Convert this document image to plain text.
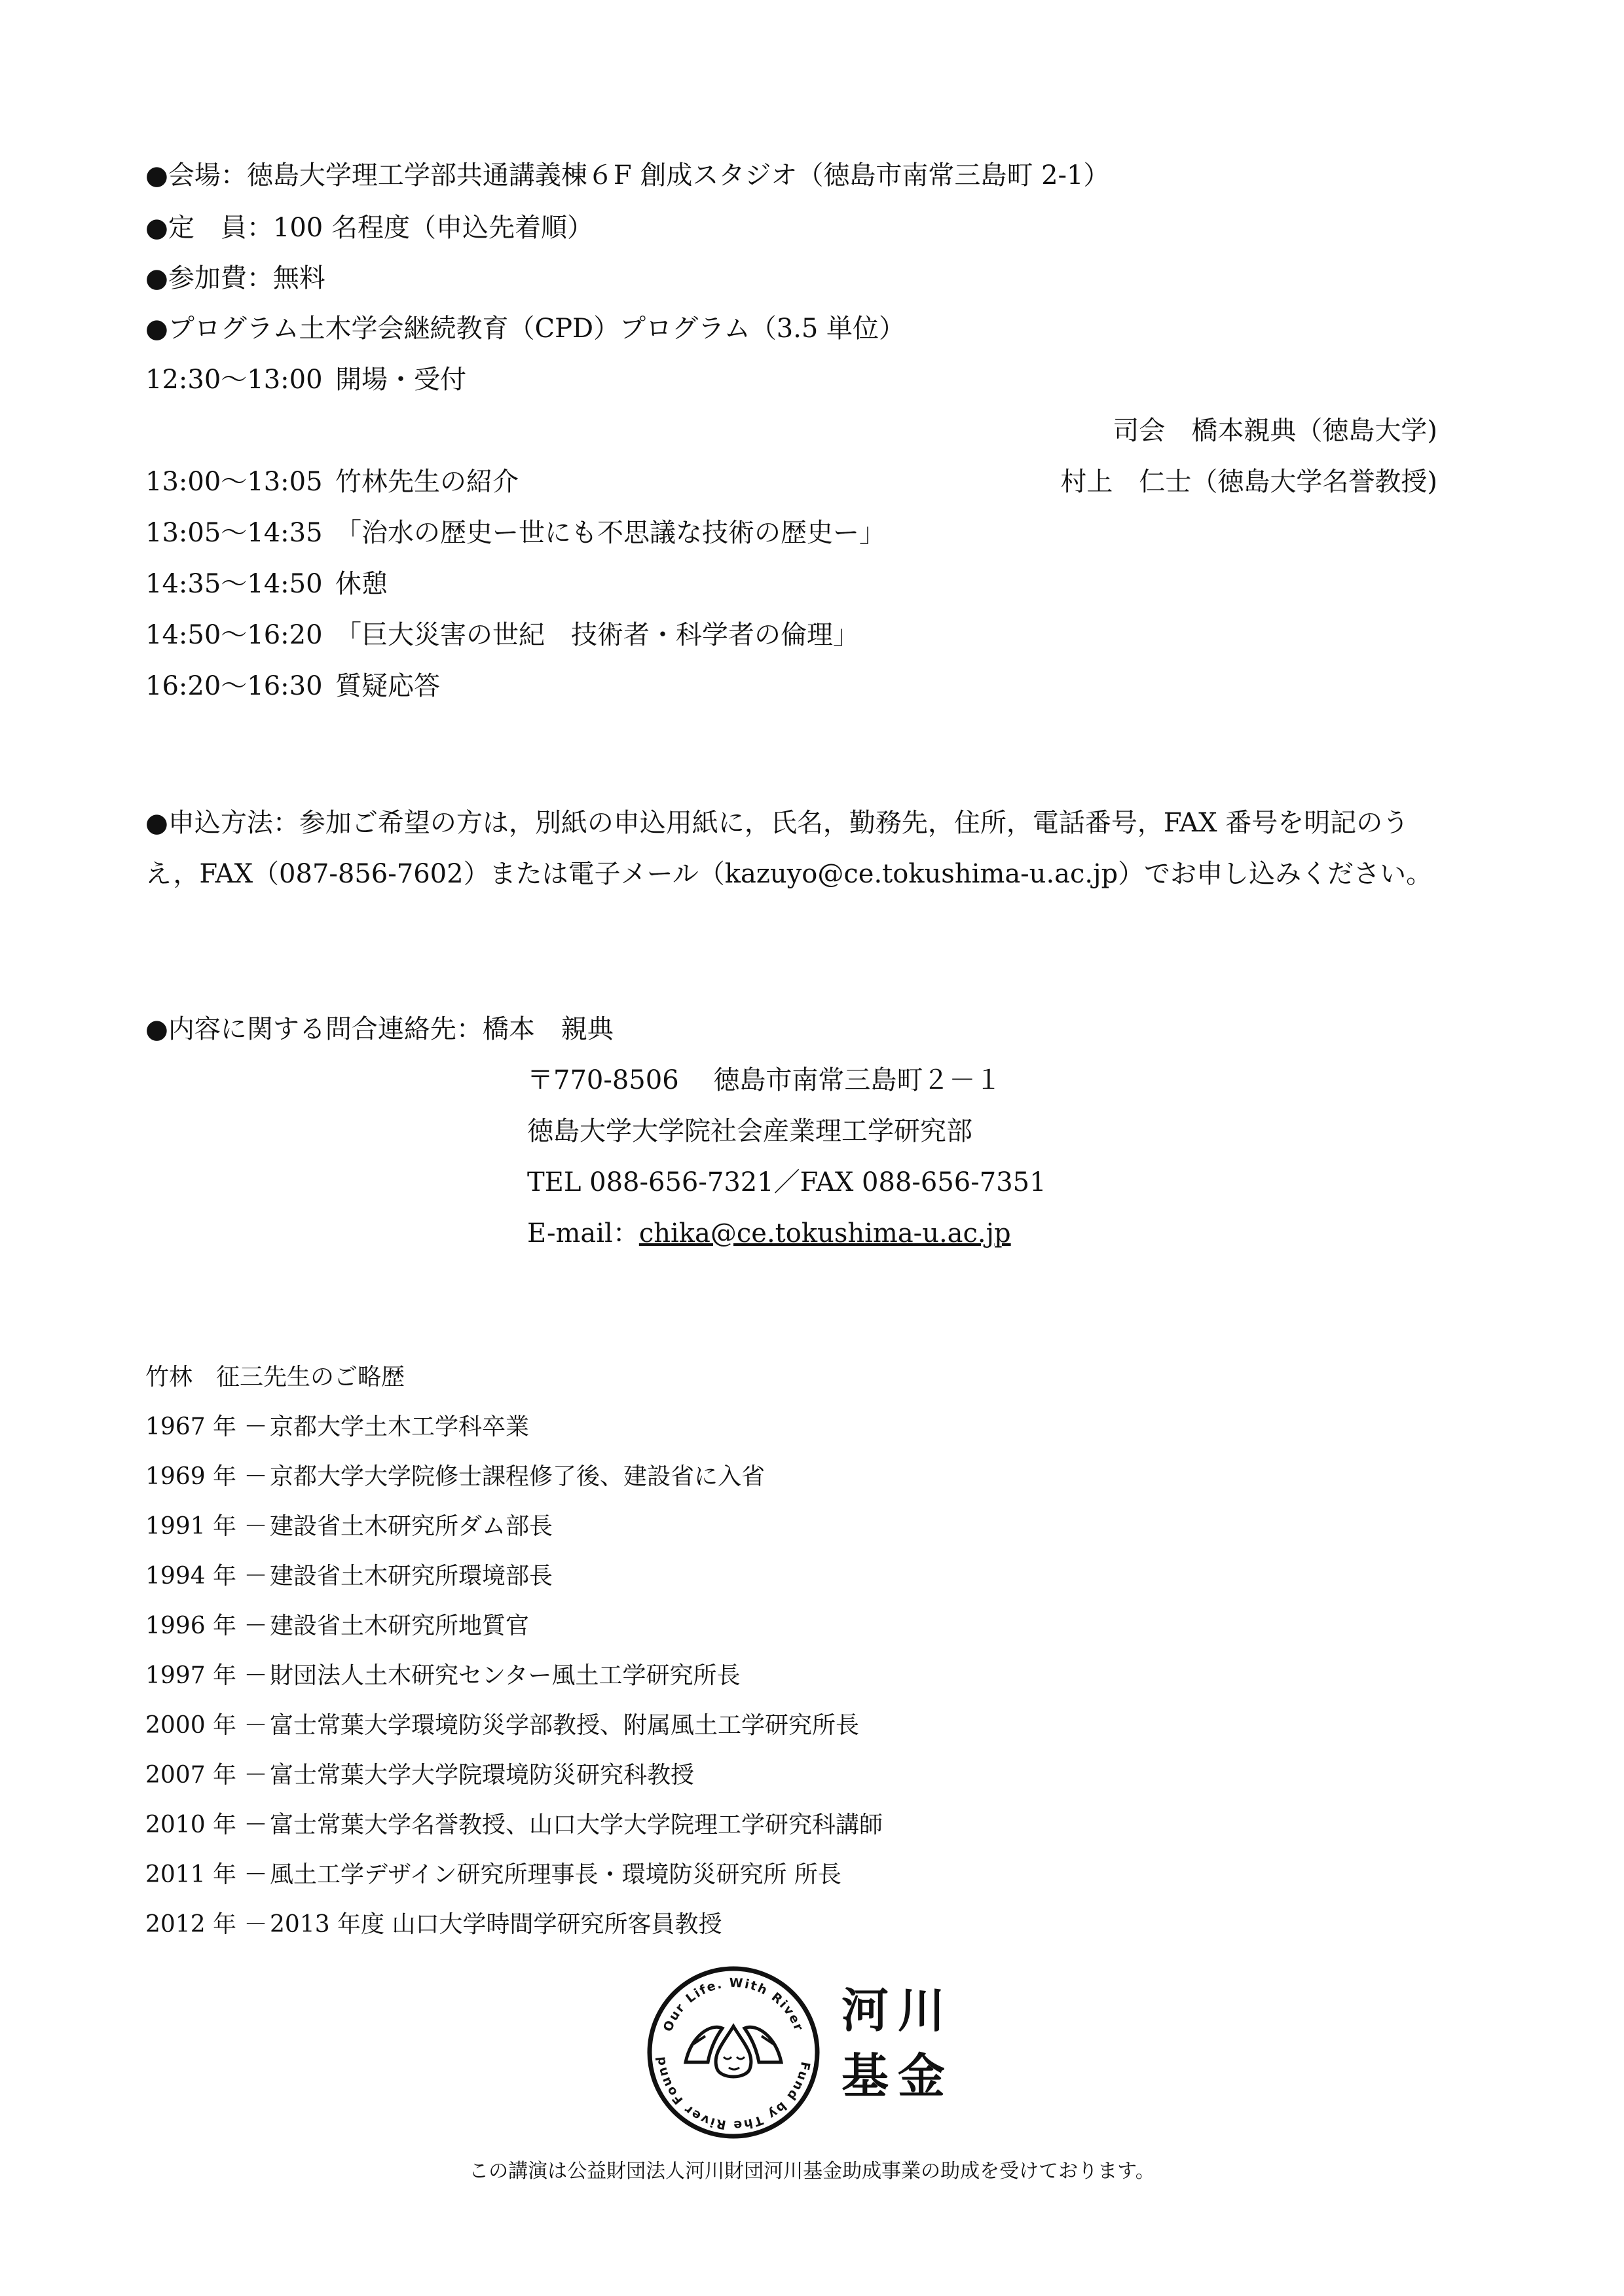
●会場：徳島大学理工学部共通講義棟６F 創成スタジオ（徳島市南常三島町 2-1）
●定　員：100 名程度（申込先着順）
●参加費：無料
●プログラム土木学会継続教育（CPD）プログラム（3.5 単位）
12:30～13:00 開場・受付
司会　橋本親典（徳島大学)
13:00～13:05 竹林先生の紹介	村上　仁士（徳島大学名誉教授)
13:05～14:35 「治水の歴史ー世にも不思議な技術の歴史ー」
14:35～14:50 休憩
14:50～16:20 「巨大災害の世紀　技術者・科学者の倫理」
16:20～16:30 質疑応答
●申込方法：参加ご希望の方は，別紙の申込用紙に，氏名，勤務先，住所，電話番号，FAX 番号を明記のうえ，FAX（087-856-7602）または電子メール（kazuyo@ce.tokushima-u.ac.jp）でお申し込みください。
●内容に関する問合連絡先：橋本　親典
〒770-8506　 徳島市南常三島町２－１
徳島大学大学院社会産業理工学研究部
TEL 088-656-7321／FAX 088-656-7351
E-mail：chika@ce.tokushima-u.ac.jp
竹林　征三先生のご略歴
1967 年 －京都大学土木工学科卒業
1969 年 －京都大学大学院修士課程修了後、建設省に入省
1991 年 －建設省土木研究所ダム部長
1994 年 －建設省土木研究所環境部長
1996 年 －建設省土木研究所地質官
1997 年 －財団法人土木研究センター風土工学研究所長
2000 年 －富士常葉大学環境防災学部教授、附属風土工学研究所長
2007 年 －富士常葉大学大学院環境防災研究科教授
2010 年 －富士常葉大学名誉教授、山口大学大学院理工学研究科講師
2011 年 －風土工学デザイン研究所理事長・環境防災研究所 所長
2012 年 －2013 年度 山口大学時間学研究所客員教授
Our Life. With River
Fund by The River Found
河川
基金
この講演は公益財団法人河川財団河川基金助成事業の助成を受けております。
